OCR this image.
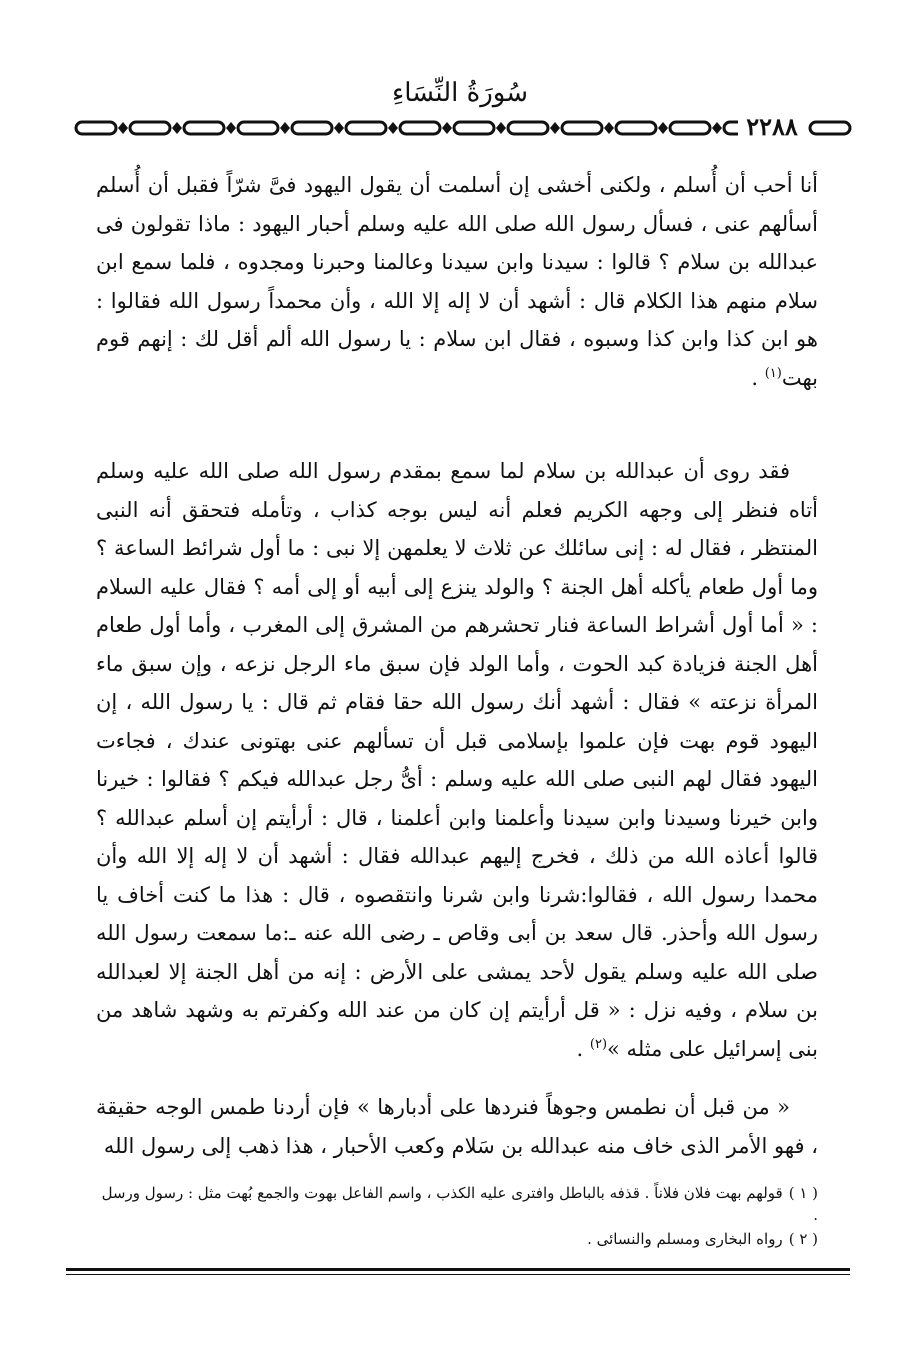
سُورَةُ النِّسَاءِ
٢٢٨٨

أنا أحب أن أُسلم ، ولكنى أخشى إن أسلمت أن يقول اليهود فىَّ شرّاً فقبل أن أُسلم أسألهم عنى ، فسأل رسول الله صلى الله عليه وسلم أحبار اليهود : ماذا تقولون فى عبدالله بن سلام ؟ قالوا : سيدنا وابن سيدنا وعالمنا وحبرنا ومجدوه ، فلما سمع ابن سلام منهم هذا الكلام قال : أشهد أن لا إله إلا الله ، وأن محمداً رسول الله فقالوا : هو ابن كذا وابن كذا وسبوه ، فقال ابن سلام : يا رسول الله ألم أقل لك : إنهم قوم بهت$^{(١)}$ .

فقد روى أن عبدالله بن سلام لما سمع بمقدم رسول الله صلى الله عليه وسلم أتاه فنظر إلى وجهه الكريم فعلم أنه ليس بوجه كذاب ، وتأمله فتحقق أنه النبى المنتظر ، فقال له : إنى سائلك عن ثلاث لا يعلمهن إلا نبى : ما أول شرائط الساعة ؟ وما أول طعام يأكله أهل الجنة ؟ والولد ينزع إلى أبيه أو إلى أمه ؟ فقال عليه السلام : « أما أول أشراط الساعة فنار تحشرهم من المشرق إلى المغرب ، وأما أول طعام أهل الجنة فزيادة كبد الحوت ، وأما الولد فإن سبق ماء الرجل نزعه ، وإن سبق ماء المرأة نزعته » فقال : أشهد أنك رسول الله حقا فقام ثم قال : يا رسول الله ، إن اليهود قوم بهت فإن علموا بإسلامى قبل أن تسألهم عنى بهتونى عندك ، فجاءت اليهود فقال لهم النبى صلى الله عليه وسلم : أىُّ رجل عبدالله فيكم ؟ فقالوا : خيرنا وابن خيرنا وسيدنا وابن سيدنا وأعلمنا وابن أعلمنا ، قال : أرأيتم إن أسلم عبدالله ؟ قالوا أعاذه الله من ذلك ، فخرج إليهم عبدالله فقال : أشهد أن لا إله إلا الله وأن محمدا رسول الله ، فقالوا:شرنا وابن شرنا وانتقصوه ، قال : هذا ما كنت أخاف يا رسول الله وأحذر. قال سعد بن أبى وقاص ـ رضى الله عنه ـ:ما سمعت رسول الله صلى الله عليه وسلم يقول لأحد يمشى على الأرض : إنه من أهل الجنة إلا لعبدالله بن سلام ، وفيه نزل : « قل أرأيتم إن كان من عند الله وكفرتم به وشهد شاهد من بنى إسرائيل على مثله »$^{(٢)}$ .

« من قبل أن نطمس وجوهاً فنردها على أدبارها » فإن أردنا طمس الوجه حقيقة ، فهو الأمر الذى خاف منه عبدالله بن سَلام وكعب الأحبار ، هذا ذهب إلى رسول الله

( ١ )قولهم بهت فلان فلاناً . قذفه بالباطل وافترى عليه الكذب ، واسم الفاعل بهوت والجمع بُهت مثل : رسول ورسل .

( ٢ )رواه البخارى ومسلم والنسائى .
